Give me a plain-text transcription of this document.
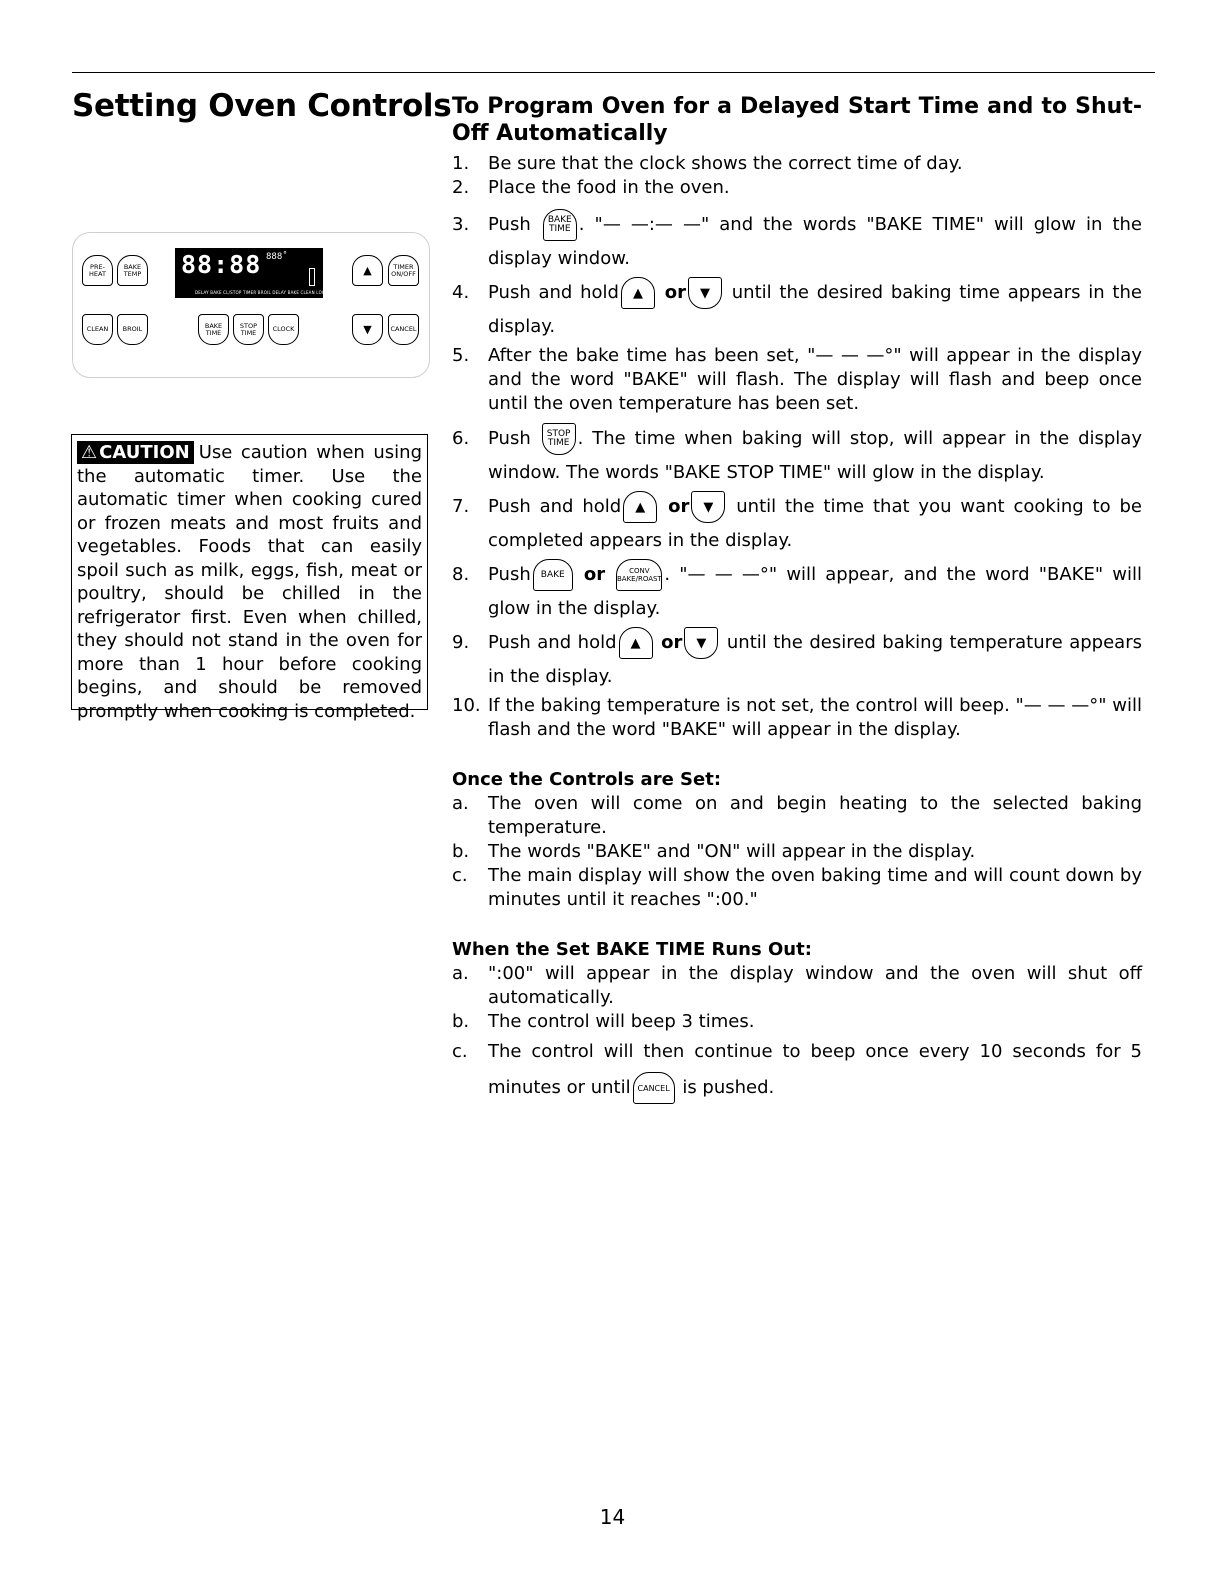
Setting Oven Controls
PRE-
HEAT
BAKE
TEMP 88:88 888˚
DELAY BAKE CL/STOP TIMER BROIL DELAY BAKE CLEAN LOCKED
▲	TIMER
ON/OFF
CLEAN	BROIL	BAKE
TIME
STOP
TIME	CLOCK	▼	CANCEL
⚠ CAUTION Use caution when using the automatic timer. Use the automatic timer when cooking cured or frozen meats and most fruits and vegetables. Foods that can easily spoil such as milk, eggs, fish, meat or poultry, should be chilled in the refrigerator first. Even when chilled, they should not stand in the oven for more than 1 hour before cooking begins, and should be removed promptly when cooking is completed.
To Program Oven for a Delayed Start Time and to Shut-Off Automatically
1.	Be sure that the clock shows the correct time of day.
2.	Place the food in the oven.
3.	Push BAKE
TIME . "— —:— —" and the words "BAKE TIME" will glow in the display window.
4.	Push and hold ▲ or ▼ until the desired baking time appears in the display.
5.	After the bake time has been set, "— — —°" will appear in the display and the word "BAKE" will flash. The display will flash and beep once until the oven temperature has been set.
6.	Push STOP
TIME . The time when baking will stop, will appear in the display window. The words "BAKE STOP TIME" will glow in the display.
7.	Push and hold ▲ or ▼ until the time that you want cooking to be completed appears in the display.
8.	Push BAKE or	CONV
BAKE/ROAST . "— — —°" will appear, and the word "BAKE" will glow in the display.
9.	Push and hold ▲ or ▼ until the desired baking temperature appears in the display.
10. If the baking temperature is not set, the control will beep. "— — —°" will flash and the word "BAKE" will appear in the display.
Once the Controls are Set:
a.	The oven will come on and begin heating to the selected baking temperature.
b.	The words "BAKE" and "ON" will appear in the display.
c.	The main display will show the oven baking time and will count down by minutes until it reaches ":00."
When the Set BAKE TIME Runs Out:
a.	":00" will appear in the display window and the oven will shut off automatically.
b.	The control will beep 3 times.
c.	The control will then continue to beep once every 10 seconds for 5 minutes or until CANCEL is pushed.
14
